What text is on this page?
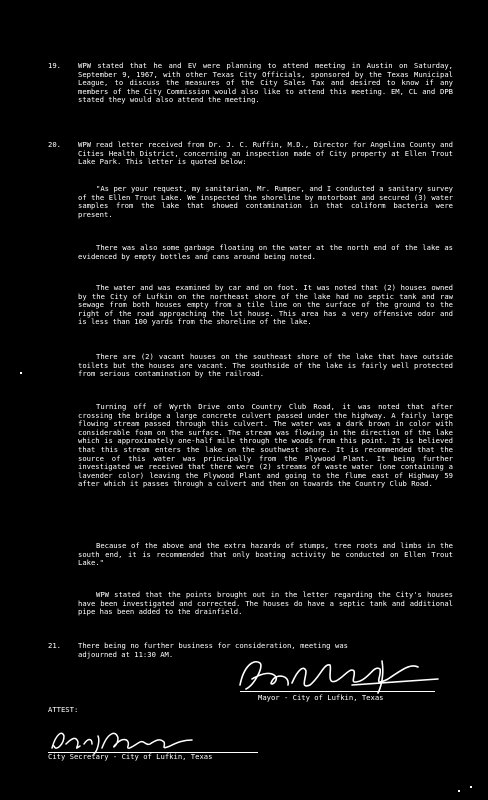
19. WPW stated that he and EV were planning to attend meeting in Austin on Saturday, September 9, 1967, with other Texas City Officials, sponsored by the Texas Municipal League, to discuss the measures of the City Sales Tax and desired to know if any members of the City Commission would also like to attend this meeting. EM, CL and DPB stated they would also attend the meeting.

20. WPW read letter received from Dr. J. C. Ruffin, M.D., Director for Angelina County and Cities Health District, concerning an inspection made of City property at Ellen Trout Lake Park. This letter is quoted below:

"As per your request, my sanitarian, Mr. Rumper, and I conducted a sanitary survey of the Ellen Trout Lake. We inspected the shoreline by motorboat and secured (3) water samples from the lake that showed contamination in that coliform bacteria were present.

There was also some garbage floating on the water at the north end of the lake as evidenced by empty bottles and cans around being noted.

The water and was examined by car and on foot. It was noted that (2) houses owned by the City of Lufkin on the northeast shore of the lake had no septic tank and raw sewage from both houses empty from a tile line on the surface of the ground to the right of the road approaching the lst house. This area has a very offensive odor and is less than 100 yards from the shoreline of the lake.

There are (2) vacant houses on the southeast shore of the lake that have outside toilets but the houses are vacant. The southside of the lake is fairly well protected from serious contamination by the railroad.

Turning off of Wyrth Drive onto Country Club Road, it was noted that after crossing the bridge a large concrete culvert passed under the highway. A fairly large flowing stream passed through this culvert. The water was a dark brown in color with considerable foam on the surface. The stream was flowing in the direction of the lake which is approximately one-half mile through the woods from this point. It is believed that this stream enters the lake on the southwest shore. It is recommended that the source of this water was principally from the Plywood Plant. It being further investigated we received that there were (2) streams of waste water (one containing a lavender color) leaving the Plywood Plant and going to the flume east of Highway 59 after which it passes through a culvert and then on towards the Country Club Road.

Because of the above and the extra hazards of stumps, tree roots and limbs in the south end, it is recommended that only boating activity be conducted on Ellen Trout Lake."

WPW stated that the points brought out in the letter regarding the City's houses have been investigated and corrected. The houses do have a septic tank and additional pipe has been added to the drainfield.

21. There being no further business for consideration, meeting was adjourned at 11:30 AM.

Mayor - City of Lufkin, Texas
ATTEST:
City Secretary - City of Lufkin, Texas
